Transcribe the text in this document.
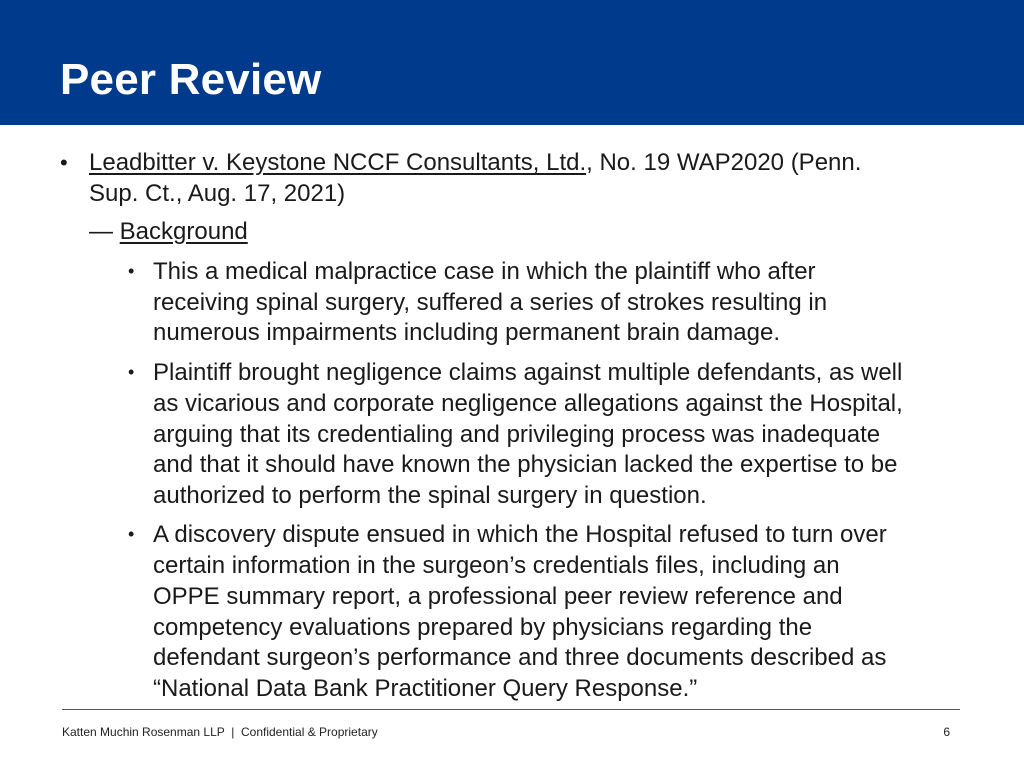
Peer Review
• Leadbitter v. Keystone NCCF Consultants, Ltd., No. 19 WAP2020 (Penn.
Sup. Ct., Aug. 17, 2021)
— Background
• This a medical malpractice case in which the plaintiff who after
receiving spinal surgery, suffered a series of strokes resulting in
numerous impairments including permanent brain damage.
• Plaintiff brought negligence claims against multiple defendants, as well
as vicarious and corporate negligence allegations against the Hospital,
arguing that its credentialing and privileging process was inadequate
and that it should have known the physician lacked the expertise to be
authorized to perform the spinal surgery in question.
• A discovery dispute ensued in which the Hospital refused to turn over
certain information in the surgeon’s credentials files, including an
OPPE summary report, a professional peer review reference and
competency evaluations prepared by physicians regarding the
defendant surgeon’s performance and three documents described as
“National Data Bank Practitioner Query Response.”
Katten Muchin Rosenman LLP  |  Confidential & Proprietary	6
